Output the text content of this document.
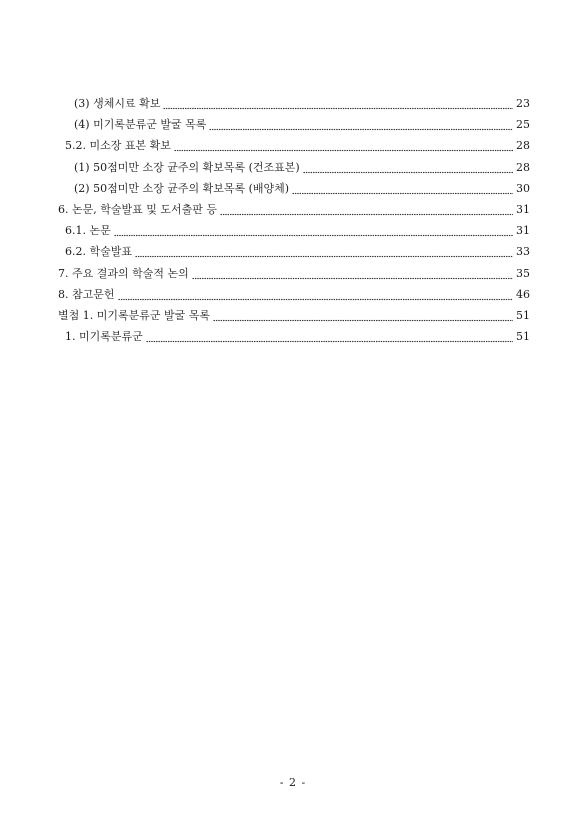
(3) 생체시료 확보	23
(4) 미기록분류군 발굴 목록	25
5.2. 미소장 표본 확보	28
(1) 50점미만 소장 균주의 확보목록 (건조표본)	28
(2) 50점미만 소장 균주의 확보목록 (배양체)	30
6. 논문, 학술발표 및 도서출판 등	31
6.1. 논문	31
6.2. 학술발표	33
7. 주요 결과의 학술적 논의	35
8. 참고문헌	46
별첨 1. 미기록분류군 발굴 목록	51
1. 미기록분류군	51
- 2 -
